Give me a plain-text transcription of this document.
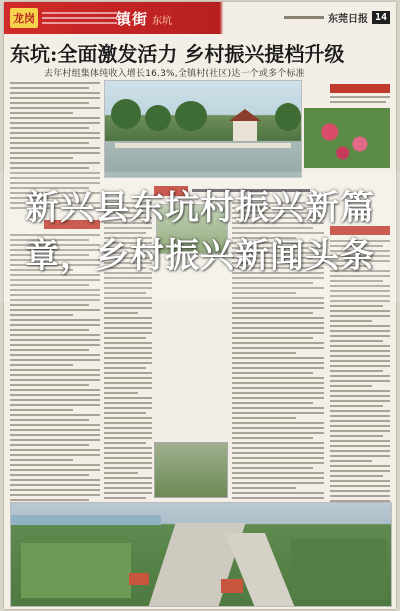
龙岗	镇街 东坑	东莞日报 14
东坑:全面激发活力 乡村振兴提档升级
去年村组集体纯收入增长16.3%,全镇村(社区)达一个或多个标准
新兴县东坑村振兴新篇章，乡村振兴新闻头条
